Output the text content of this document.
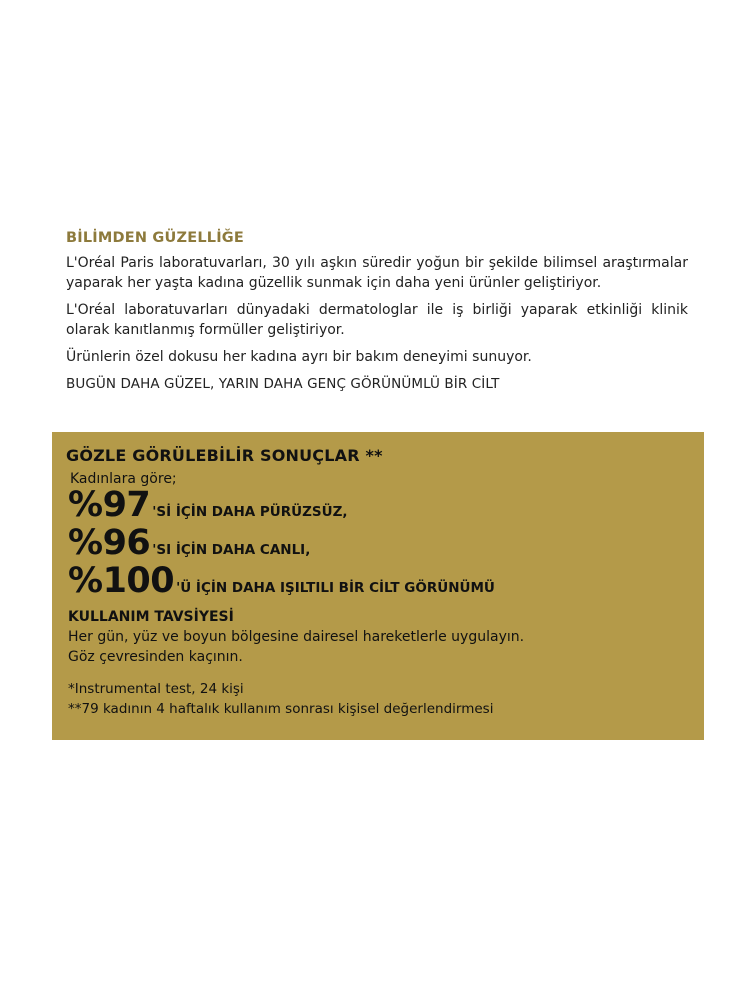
BİLİMDEN GÜZELLİĞE

L'Oréal Paris laboratuvarları, 30 yılı aşkın süredir yoğun bir şekilde bilimsel araştırmalar yaparak her yaşta kadına güzellik sunmak için daha yeni ürünler geliştiriyor.

L'Oréal laboratuvarları dünyadaki dermatologlar ile iş birliği yaparak etkinliği klinik olarak kanıtlanmış formüller geliştiriyor.

Ürünlerin özel dokusu her kadına ayrı bir bakım deneyimi sunuyor.

BUGÜN DAHA GÜZEL, YARIN DAHA GENÇ GÖRÜNÜMLÜ BİR CİLT

GÖZLE GÖRÜLEBİLİR SONUÇLAR **
Kadınlara göre;
%97 'Sİ İÇİN DAHA PÜRÜZSÜZ,
%96 'SI İÇİN DAHA CANLI,
%100 'Ü İÇİN DAHA IŞILTILI BİR CİLT GÖRÜNÜMÜ
KULLANIM TAVSİYESİ
Her gün, yüz ve boyun bölgesine dairesel hareketlerle uygulayın.
Göz çevresinden kaçının.
*Instrumental test, 24 kişi
**79 kadının 4 haftalık kullanım sonrası kişisel değerlendirmesi
